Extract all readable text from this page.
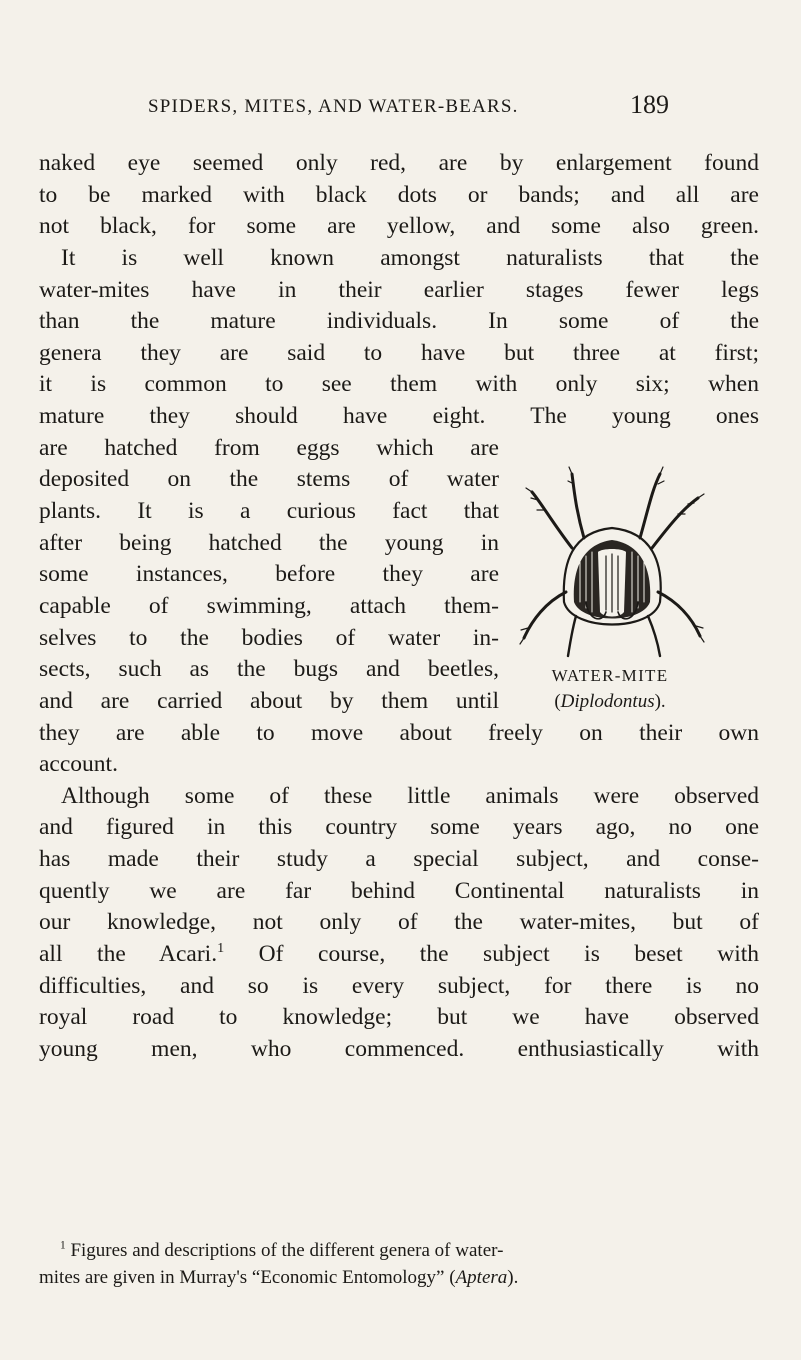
SPIDERS, MITES, AND WATER-BEARS.	189
naked eye seemed only red, are by enlargement found
to be marked with black dots or bands; and all are
not black, for some are yellow, and some also green.
It is well known amongst naturalists that the
water-mites have in their earlier stages fewer legs
than the mature individuals. In some of the
genera they are said to have but three at first;
it is common to see them with only six; when
mature they should have eight. The young ones
are hatched from eggs which are
deposited on the stems of water
plants. It is a curious fact that
after being hatched the young in
some instances, before they are
capable of swimming, attach them-
selves to the bodies of water in-
sects, such as the bugs and beetles,
and are carried about by them until
they are able to move about freely on their own
account.
Although some of these little animals were observed
and figured in this country some years ago, no one
has made their study a special subject, and conse-
quently we are far behind Continental naturalists in
our knowledge, not only of the water-mites, but of
all the Acari.$^1$ Of course, the subject is beset with
difficulties, and so is every subject, for there is no
royal road to knowledge; but we have observed
young men, who commenced. enthusiastically with
WATER-MITE
(Diplodontus).
$^1$ Figures and descriptions of the different genera of water-
mites are given in Murray's “Economic Entomology” (Aptera).
